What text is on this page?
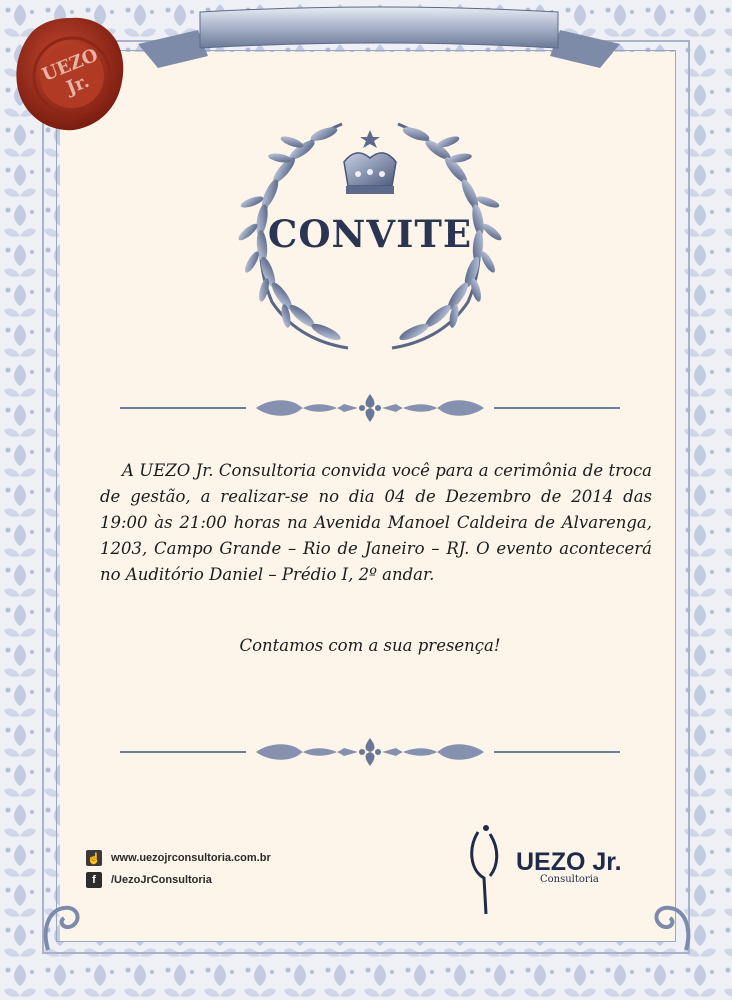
UEZO Jr.
CONVITE
A UEZO Jr. Consultoria convida você para a cerimônia de troca de gestão, a realizar-se no dia 04 de Dezembro de 2014 das 19:00 às 21:00 horas na Avenida Manoel Caldeira de Alvarenga, 1203, Campo Grande – Rio de Janeiro – RJ. O evento acontecerá no Auditório Daniel – Prédio I, 2º andar.
Contamos com a sua presença!
☝ www.uezojrconsultoria.com.br
f	/UezoJrConsultoria
UEZO Jr.
Consultoria
